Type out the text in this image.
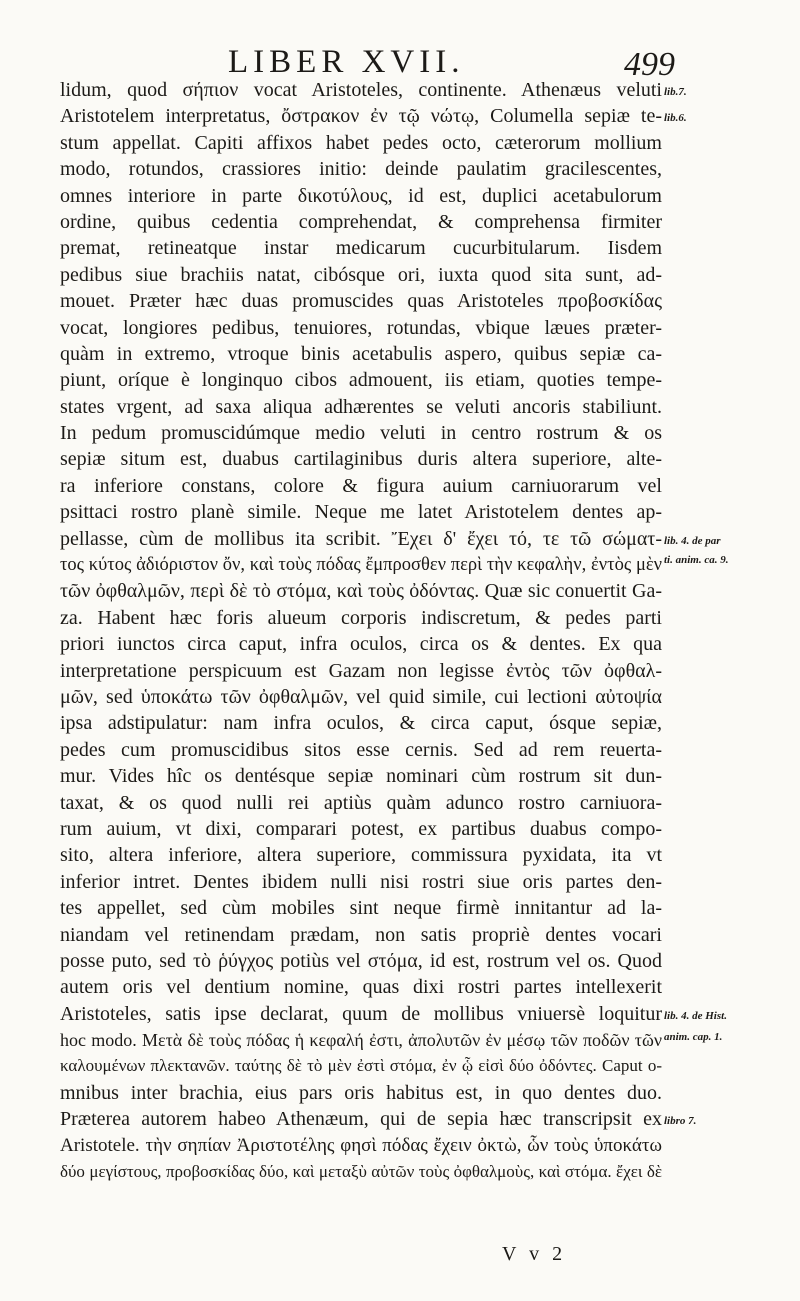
LIBER XVII.	499
lidum, quod σήπιον vocat Aristoteles, continente. Athenæus veluti
Aristotelem interpretatus, ὄστρακον ἐν τῷ νώτῳ, Columella sepiæ te-
stum appellat. Capiti affixos habet pedes octo, cæterorum mollium
modo, rotundos, crassiores initio: deinde paulatim gracilescentes,
omnes interiore in parte δικοτύλους, id est, duplici acetabulorum
ordine, quibus cedentia comprehendat, & comprehensa firmiter
premat, retineatque instar medicarum cucurbitularum. Iisdem
pedibus siue brachiis natat, cibósque ori, iuxta quod sita sunt, ad-
mouet. Præter hæc duas promuscides quas Aristoteles προβοσκίδας
vocat, longiores pedibus, tenuiores, rotundas, vbique læues præter-
quàm in extremo, vtroque binis acetabulis aspero, quibus sepiæ ca-
piunt, oríque è longinquo cibos admouent, iis etiam, quoties tempe-
states vrgent, ad saxa aliqua adhærentes se veluti ancoris stabiliunt.
In pedum promuscidúmque medio veluti in centro rostrum & os
sepiæ situm est, duabus cartilaginibus duris altera superiore, alte-
ra inferiore constans, colore & figura auium carniuorarum vel
psittaci rostro planè simile. Neque me latet Aristotelem dentes ap-
pellasse, cùm de mollibus ita scribit. Ἔχει δ' ἔχει τό, τε τῶ σώματ-
τος κύτος ἀδιόριστον ὄν, καὶ τοὺς πόδας ἔμπροσθεν περὶ τὴν κεφαλὴν, ἐντὸς μὲν
τῶν ὀφθαλμῶν, περὶ δὲ τὸ στόμα, καὶ τοὺς ὀδόντας. Quæ sic conuertit Ga-
za. Habent hæc foris alueum corporis indiscretum, & pedes parti
priori iunctos circa caput, infra oculos, circa os & dentes. Ex qua
interpretatione perspicuum est Gazam non legisse ἐντὸς τῶν ὀφθαλ-
μῶν, sed ὑποκάτω τῶν ὀφθαλμῶν, vel quid simile, cui lectioni αὐτοψία
ipsa adstipulatur: nam infra oculos, & circa caput, ósque sepiæ,
pedes cum promuscidibus sitos esse cernis. Sed ad rem reuerta-
mur. Vides hîc os dentésque sepiæ nominari cùm rostrum sit dun-
taxat, & os quod nulli rei aptiùs quàm adunco rostro carniuora-
rum auium, vt dixi, comparari potest, ex partibus duabus compo-
sito, altera inferiore, altera superiore, commissura pyxidata, ita vt
inferior intret. Dentes ibidem nulli nisi rostri siue oris partes den-
tes appellet, sed cùm mobiles sint neque firmè innitantur ad la-
niandam vel retinendam prædam, non satis propriè dentes vocari
posse puto, sed τὸ ῥύγχος potiùs vel στόμα, id est, rostrum vel os. Quod
autem oris vel dentium nomine, quas dixi rostri partes intellexerit
Aristoteles, satis ipse declarat, quum de mollibus vniuersè loquitur
hoc modo. Μετὰ δὲ τοὺς πόδας ἡ κεφαλή ἐστι, ἀπολυτῶν ἐν μέσῳ τῶν ποδῶν τῶν
καλουμένων πλεκτανῶν. ταύτης δὲ τὸ μὲν ἐστὶ στόμα, ἐν ᾧ εἰσὶ δύο ὀδόντες. Caput o-
mnibus inter brachia, eius pars oris habitus est, in quo dentes duo.
Præterea autorem habeo Athenæum, qui de sepia hæc transcripsit ex
Aristotele. τὴν σηπίαν Ἀριστοτέλης φησὶ πόδας ἔχειν ὀκτὼ, ὧν τοὺς ὑποκάτω
δύο μεγίστους, προβοσκίδας δύο, καὶ μεταξὺ αὐτῶν τοὺς ὀφθαλμοὺς, καὶ στόμα. ἔχει δὲ
lib.7.
lib.6.
lib. 4. de par
ti. anim. ca. 9.
lib. 4. de Hist.
anim. cap. 1.
libro 7.
V v 2
